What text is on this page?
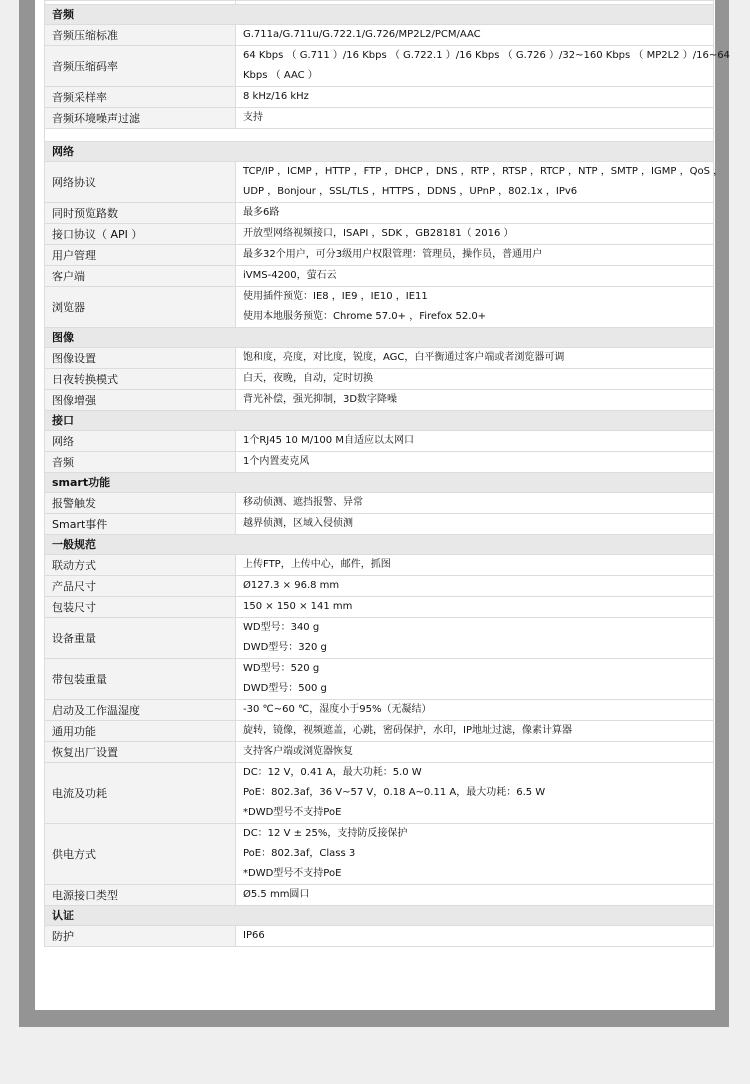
音频	
音频压缩标准	G.711a/G.711u/G.722.1/G.726/MP2L2/PCM/AAC

音频压缩码率	64 Kbps （ G.711 ）/16 Kbps （ G.722.1 ）/16 Kbps （ G.726 ）/32~160 Kbps （ MP2L2 ）/16~64
Kbps （ AAC ）

音频采样率	8 kHz/16 kHz

音频环境噪声过滤	支持

网络	
网络协议	TCP/IP ，ICMP ，HTTP ，FTP ，DHCP ，DNS ，RTP ，RTSP ，RTCP ，NTP ，SMTP ，IGMP ，QoS ，
UDP ，Bonjour ，SSL/TLS ，HTTPS ，DDNS ，UPnP ，802.1x ，IPv6

同时预览路数	最多6路

接口协议（ API ）	开放型网络视频接口，ISAPI ，SDK ，GB28181（ 2016 ）

用户管理	最多32个用户，可分3级用户权限管理：管理员，操作员，普通用户

客户端	iVMS-4200，萤石云

浏览器	使用插件预览：IE8 ，IE9 ，IE10 ，IE11
使用本地服务预览：Chrome 57.0+ ，Firefox 52.0+

图像	
图像设置	饱和度，亮度，对比度，锐度，AGC，白平衡通过客户端或者浏览器可调

日夜转换模式	白天，夜晚，自动，定时切换

图像增强	背光补偿，强光抑制，3D数字降噪

接口	
网络	1个RJ45 10 M/100 M自适应以太网口

音频	1个内置麦克风

smart功能	
报警触发	移动侦测、遮挡报警、异常

Smart事件	越界侦测，区域入侵侦测

一般规范	
联动方式	上传FTP，上传中心，邮件，抓图

产品尺寸	Ø127.3 × 96.8 mm

包装尺寸	150 × 150 × 141 mm

设备重量	WD型号：340 g
DWD型号：320 g

带包装重量	WD型号：520 g
DWD型号：500 g

启动及工作温湿度	-30 ℃~60 ℃，湿度小于95%（无凝结）

通用功能	旋转，镜像，视频遮盖，心跳，密码保护，水印，IP地址过滤，像素计算器

恢复出厂设置	支持客户端或浏览器恢复

电流及功耗	DC：12 V，0.41 A，最大功耗：5.0 W
PoE：802.3af，36 V~57 V，0.18 A~0.11 A，最大功耗：6.5 W
*DWD型号不支持PoE

供电方式	DC：12 V ± 25%，支持防反接保护
PoE：802.3af，Class 3
*DWD型号不支持PoE

电源接口类型	Ø5.5 mm圆口

认证	
防护	IP66
